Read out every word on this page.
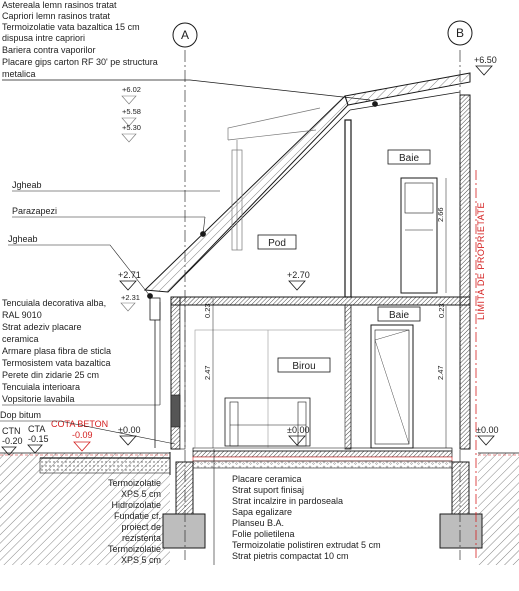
A	B
LIMITA DE PROPRIETATE
Astereala lemn rasinos tratat
Capriori lemn rasinos tratat
Termoizolatie vata bazaltica 15 cm
dispusa intre capriori
Bariera contra vaporilor
Placare gips carton RF 30' pe structura
metalica
+6.02
+5.58
+5.30
+6.50
+2.71
+2.31
+2.70
±0.00
±0.00	±0.00
CTN
-0.20
CTA
-0.15
COTA BETON
-0.09
Jgheab
Parazapezi
Jgheab
Dop bitum
Tencuiala decorativa alba,
RAL 9010
Strat adeziv placare
ceramica
Armare plasa fibra de sticla
Termosistem vata bazaltica
Perete din zidarie 25 cm
Tencuiala interioara
Vopsitorie lavabila
Termoizolatie
XPS 5 cm
Hidroizolatie
Fundatie cf.
proiect de
rezistenta
Termoizolatie
XPS 5 cm
Placare ceramica
Strat suport finisaj
Strat incalzire in pardoseala
Sapa egalizare
Planseu B.A.
Folie polietilena
Termoizolatie polistiren extrudat 5 cm
Strat pietris compactat 10 cm
Baie
Pod
Baie
Birou
2.66
0.23	0.23
2.47	2.47
